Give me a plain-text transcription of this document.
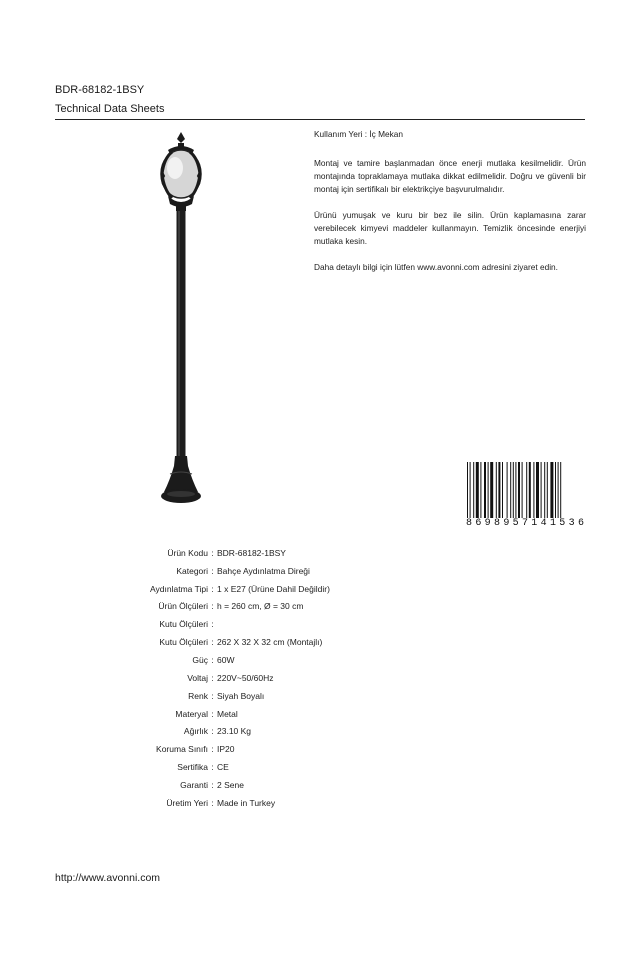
BDR-68182-1BSY
Technical Data Sheets

Kullanım Yeri : İç Mekan

Montaj ve tamire başlanmadan önce enerji mutlaka kesilmelidir. Ürün montajında topraklamaya mutlaka dikkat edilmelidir. Doğru ve güvenli bir montaj için sertifikalı bir elektrikçiye başvurulmalıdır.

Ürünü yumuşak ve kuru bir bez ile silin. Ürün kaplamasına zarar verebilecek kimyevi maddeler kullanmayın. Temizlik öncesinde enerjiyi mutlaka kesin.

Daha detaylı bilgi için lütfen www.avonni.com adresini ziyaret edin.

8 6 9 8 9 5 7 1 4 1 5 3 6
Ürün Kodu : BDR-68182-1BSY
Kategori : Bahçe Aydınlatma Direği
Aydınlatma Tipi : 1 x E27 (Ürüne Dahil Değildir)
Ürün Ölçüleri : h = 260 cm, Ø = 30 cm
Kutu Ölçüleri :
Kutu Ölçüleri : 262 X 32 X 32 cm (Montajlı)
Güç : 60W
Voltaj : 220V~50/60Hz
Renk : Siyah Boyalı
Materyal : Metal
Ağırlık : 23.10 Kg
Koruma Sınıfı : IP20
Sertifika : CE
Garanti : 2 Sene
Üretim Yeri : Made in Turkey
http://www.avonni.com
